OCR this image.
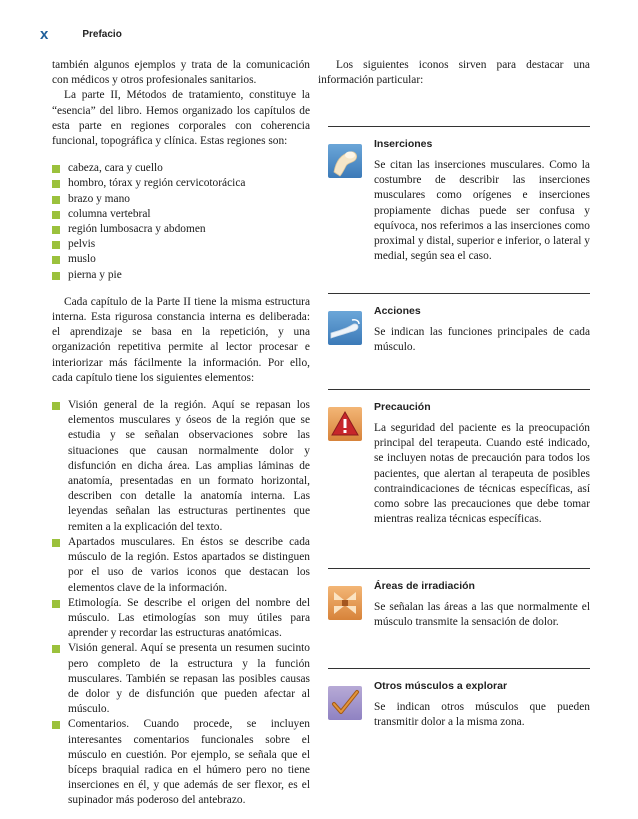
x	Prefacio

también algunos ejemplos y trata de la comunicación con médicos y otros profesionales sanitarios.

La parte II, Métodos de tratamiento, constituye la “esencia” del libro. Hemos organizado los capítulos de esta parte en regiones corporales con coherencia funcional, topográfica y clínica. Estas regiones son:

cabeza, cara y cuello
hombro, tórax y región cervicotorácica
brazo y mano
columna vertebral
región lumbosacra y abdomen
pelvis
muslo
pierna y pie

Cada capítulo de la Parte II tiene la misma estructura interna. Esta rigurosa constancia interna es deliberada: el aprendizaje se basa en la repetición, y una organización repetitiva permite al lector procesar e interiorizar más fácilmente la información. Por ello, cada capítulo tiene los siguientes elementos:

Visión general de la región. Aquí se repasan los elementos musculares y óseos de la región que se estudia y se señalan observaciones sobre las situaciones que causan normalmente dolor y disfunción en dicha área. Las amplias láminas de anatomía, presentadas en un formato horizontal, describen con detalle la anatomía interna. Las leyendas señalan las estructuras pertinentes que remiten a la explicación del texto.
Apartados musculares. En éstos se describe cada músculo de la región. Estos apartados se distinguen por el uso de varios iconos que destacan los elementos clave de la información.
Etimología. Se describe el origen del nombre del músculo. Las etimologías son muy útiles para aprender y recordar las estructuras anatómicas.
Visión general. Aquí se presenta un resumen sucinto pero completo de la estructura y la función musculares. También se repasan las posibles causas de dolor y de disfunción que pueden afectar al músculo.
Comentarios. Cuando procede, se incluyen interesantes comentarios funcionales sobre el músculo en cuestión. Por ejemplo, se señala que el bíceps braquial radica en el húmero pero no tiene inserciones en él, y que además de ser flexor, es el supinador más poderoso del antebrazo.

Los siguientes iconos sirven para destacar una información particular:

Inserciones

Se citan las inserciones musculares. Como la costumbre de describir las inserciones musculares como orígenes e inserciones propiamente dichas puede ser confusa y equívoca, nos referimos a las inserciones como proximal y distal, superior e inferior, o lateral y medial, según sea el caso.

Acciones

Se indican las funciones principales de cada músculo.

Precaución

La seguridad del paciente es la preocupación principal del terapeuta. Cuando esté indicado, se incluyen notas de precaución para todos los pacientes, que alertan al terapeuta de posibles contraindicaciones de técnicas específicas, así como sobre las precauciones que debe tomar mientras realiza técnicas específicas.

Áreas de irradiación

Se señalan las áreas a las que normalmente el músculo transmite la sensación de dolor.

Otros músculos a explorar

Se indican otros músculos que pueden transmitir dolor a la misma zona.
